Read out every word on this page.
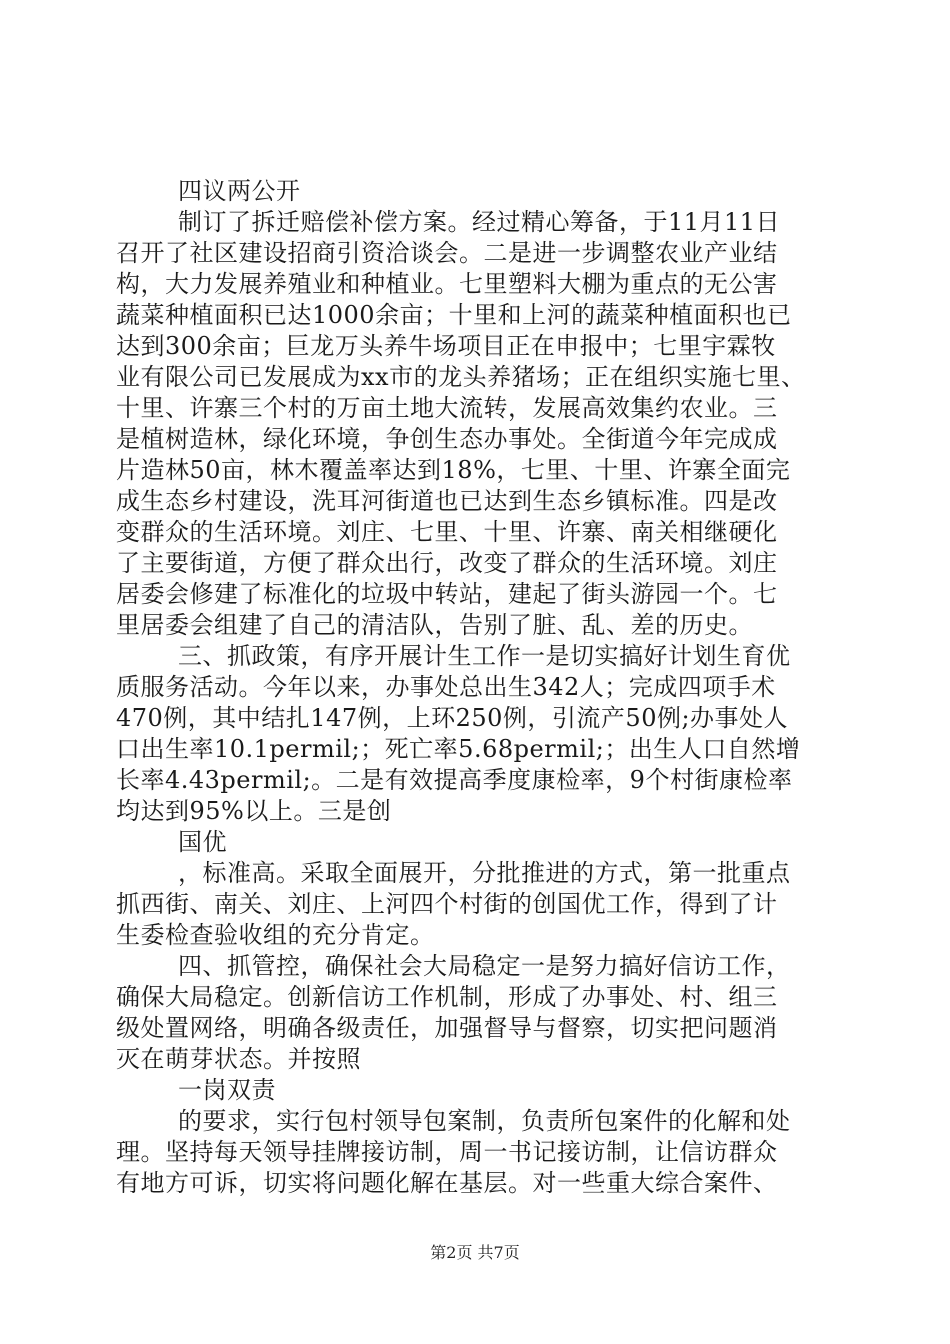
四议两公开
制订了拆迁赔偿补偿方案。经过精心筹备，于11月11日
召开了社区建设招商引资洽谈会。二是进一步调整农业产业结
构，大力发展养殖业和种植业。七里塑料大棚为重点的无公害
蔬菜种植面积已达1000余亩；十里和上河的蔬菜种植面积也已
达到300余亩；巨龙万头养牛场项目正在申报中；七里宇霖牧
业有限公司已发展成为xx市的龙头养猪场；正在组织实施七里、
十里、许寨三个村的万亩土地大流转，发展高效集约农业。三
是植树造林，绿化环境，争创生态办事处。全街道今年完成成
片造林50亩，林木覆盖率达到18%，七里、十里、许寨全面完
成生态乡村建设，洗耳河街道也已达到生态乡镇标准。四是改
变群众的生活环境。刘庄、七里、十里、许寨、南关相继硬化
了主要街道，方便了群众出行，改变了群众的生活环境。刘庄
居委会修建了标准化的垃圾中转站，建起了街头游园一个。七
里居委会组建了自己的清洁队，告别了脏、乱、差的历史。
三、抓政策，有序开展计生工作一是切实搞好计划生育优
质服务活动。今年以来，办事处总出生342人；完成四项手术
470例，其中结扎147例，上环250例，引流产50例;办事处人
口出生率10.1permil;；死亡率5.68permil;；出生人口自然增
长率4.43permil;。二是有效提高季度康检率，9个村街康检率
均达到95%以上。三是创
国优
，标准高。采取全面展开，分批推进的方式，第一批重点
抓西街、南关、刘庄、上河四个村街的创国优工作，得到了计
生委检查验收组的充分肯定。
四、抓管控，确保社会大局稳定一是努力搞好信访工作，
确保大局稳定。创新信访工作机制，形成了办事处、村、组三
级处置网络，明确各级责任，加强督导与督察，切实把问题消
灭在萌芽状态。并按照
一岗双责
的要求，实行包村领导包案制，负责所包案件的化解和处
理。坚持每天领导挂牌接访制，周一书记接访制，让信访群众
有地方可诉，切实将问题化解在基层。对一些重大综合案件、
第2页 共7页
